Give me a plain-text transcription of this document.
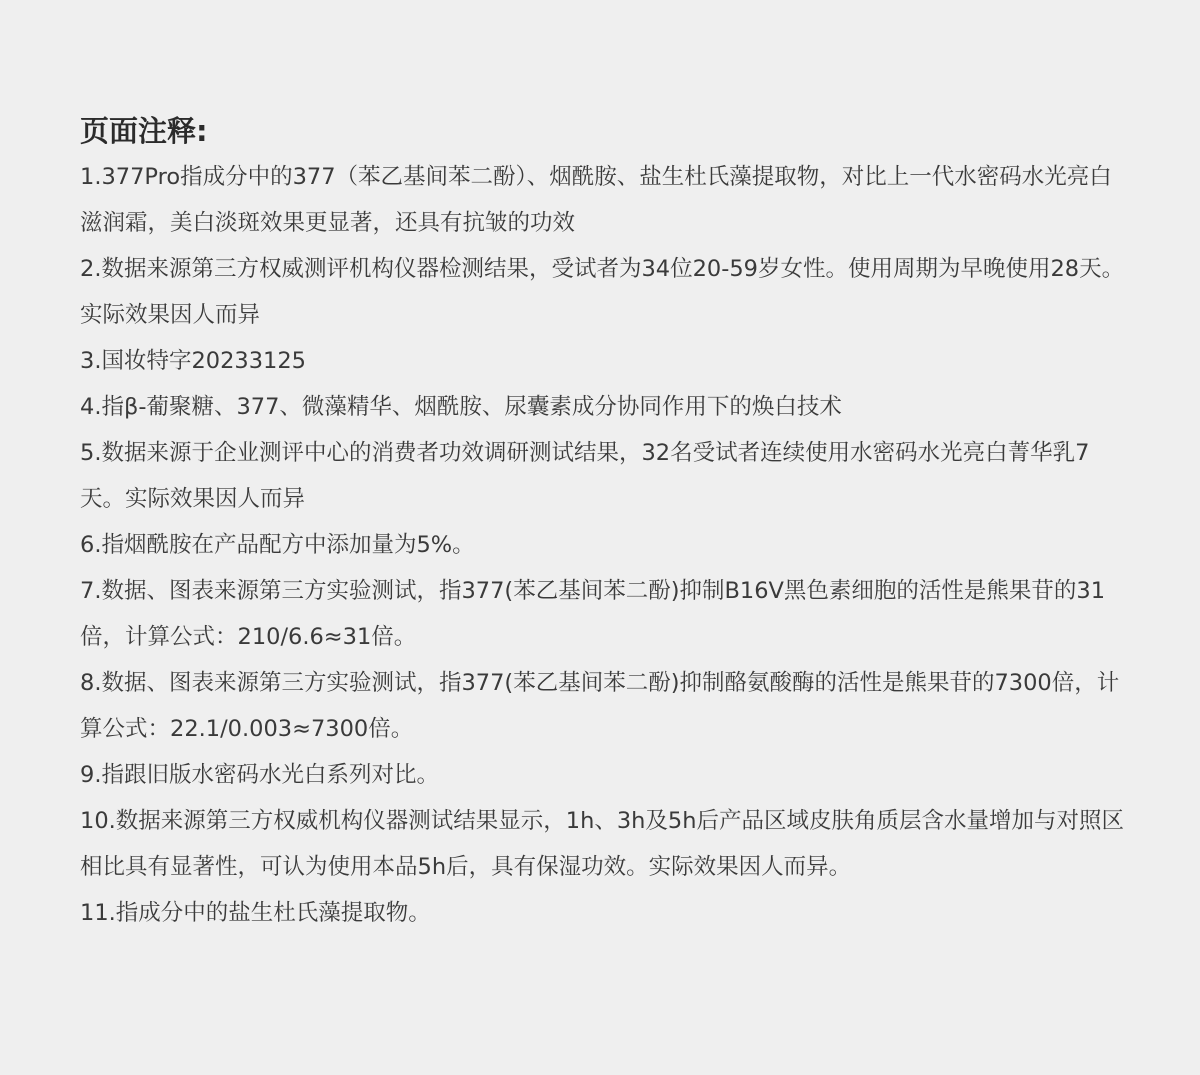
页面注释:
1.377Pro指成分中的377（苯乙基间苯二酚）、烟酰胺、盐生杜氏藻提取物，对比上一代水密码水光亮白滋润霜，美白淡斑效果更显著，还具有抗皱的功效
2.数据来源第三方权威测评机构仪器检测结果，受试者为34位20-59岁女性。使用周期为早晚使用28天。实际效果因人而异
3.国妆特字20233125
4.指β-葡聚糖、377、微藻精华、烟酰胺、尿囊素成分协同作用下的焕白技术
5.数据来源于企业测评中心的消费者功效调研测试结果，32名受试者连续使用水密码水光亮白菁华乳7天。实际效果因人而异
6.指烟酰胺在产品配方中添加量为5%。
7.数据、图表来源第三方实验测试，指377(苯乙基间苯二酚)抑制B16V黑色素细胞的活性是熊果苷的31倍，计算公式：210/6.6≈31倍。
8.数据、图表来源第三方实验测试，指377(苯乙基间苯二酚)抑制酪氨酸酶的活性是熊果苷的7300倍，计算公式：22.1/0.003≈7300倍。
9.指跟旧版水密码水光白系列对比。
10.数据来源第三方权威机构仪器测试结果显示，1h、3h及5h后产品区域皮肤角质层含水量增加与对照区相比具有显著性，可认为使用本品5h后，具有保湿功效。实际效果因人而异。
11.指成分中的盐生杜氏藻提取物。
